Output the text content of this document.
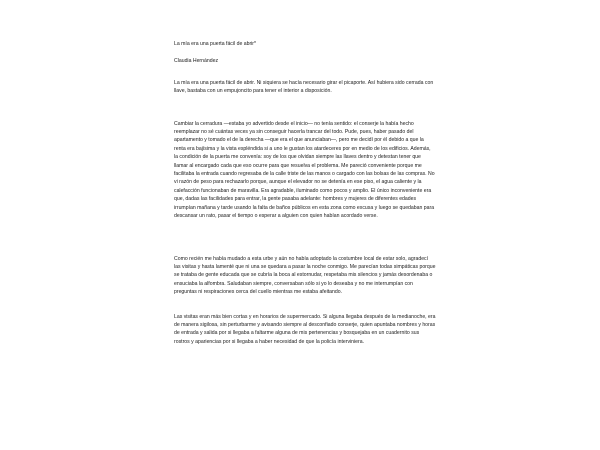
La mía era una puerta fácil de abrir*

Claudia Hernández

La mía era una puerta fácil de abrir. Ni siquiera se hacía necesario girar el picaporte. Así hubiera sido cerrada con llave, bastaba con un empujoncito para tener el interior a disposición.

Cambiar la cerradura —estaba yo advertido desde el inicio— no tenía sentido: el conserje la había hecho reemplazar no sé cuántas veces ya sin conseguir hacerla trancar del todo. Pude, pues, haber pasado del apartamento y tomado el de la derecha —que era el que anunciaban—, pero me decidí por él debido a que la renta era bajísima y la vista espléndida si a uno le gustan los atardeceres por en medio de los edificios. Además, la condición de la puerta me convenía: soy de los que olvidan siempre las llaves dentro y detestan tener que llamar al encargado cada que eso ocurre para que resuelva el problema. Me pareció conveniente porque me facilitaba la entrada cuando regresaba de la calle triste de las manos o cargado con las bolsas de las compras. No vi razón de peso para rechazarlo porque, aunque el elevador no se detenía en ese piso, el agua caliente y la calefacción funcionaban de maravilla. Era agradable, iluminado como pocos y amplio. El único inconveniente era que, dadas las facilidades para entrar, la gente pasaba adelante: hombres y mujeres de diferentes edades irrumpían mañana y tarde usando la falta de baños públicos en esta zona como excusa y luego se quedaban para descansar un rato, pasar el tiempo o esperar a alguien con quien habían acordado verse.

Como recién me había mudado a esta urbe y aún no había adoptado la costumbre local de estar solo, agradecí las visitas y hasta lamenté que ni una se quedara a pasar la noche conmigo. Me parecían todas simpáticas porque se trataba de gente educada que se cubría la boca al estornudar, respetaba mis silencios y jamás desordenaba o ensuciaba la alfombra. Saludaban siempre, conversaban sólo si yo lo deseaba y no me interrumpían con preguntas ni respiraciones cerca del cuello mientras me estaba afeitando.

Las visitas eran más bien cortas y en horarios de supermercado. Si alguna llegaba después de la medianoche, era de manera sigilosa, sin perturbarme y avisando siempre al desconfiado conserje, quien apuntaba nombres y horas de entrada y salida por si llegaba a faltarme alguna de mis pertenencias y bosquejaba en un cuadernito sus rostros y apariencias por si llegaba a haber necesidad de que la policía interviniera.
